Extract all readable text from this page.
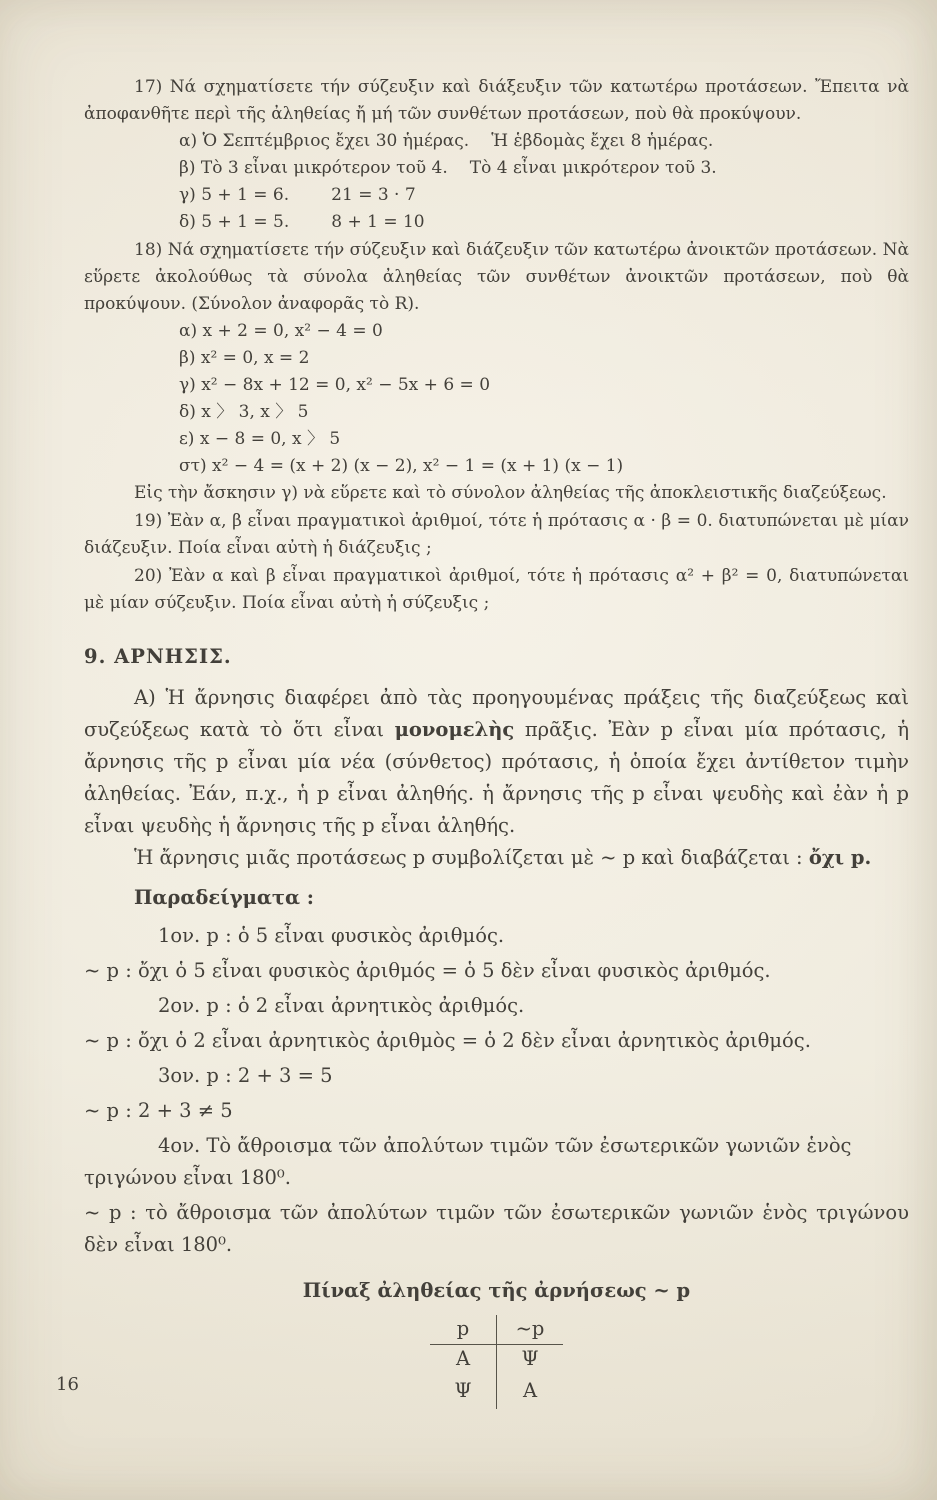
17) Νά σχηματίσετε τήν σύζευξιν καὶ διάξευξιν τῶν κατωτέρω προτάσεων. Ἔπειτα νὰ ἀποφανθῆτε περὶ τῆς ἀληθείας ἤ μή τῶν συνθέτων προτάσεων, ποὺ θὰ προκύψουν.

α) Ὁ Σεπτέμβριος ἔχει 30 ἡμέρας. Ἡ ἑβδομὰς ἔχει 8 ἡμέρας.

β) Τὸ 3 εἶναι μικρότερον τοῦ 4. Τὸ 4 εἶναι μικρότερον τοῦ 3.

γ) 5 + 1 = 6. 21 = 3 · 7

δ) 5 + 1 = 5. 8 + 1 = 10

18) Νά σχηματίσετε τήν σύζευξιν καὶ διάζευξιν τῶν κατωτέρω ἀνοικτῶν προτάσεων. Νὰ εὕρετε ἀκολούθως τὰ σύνολα ἀληθείας τῶν συνθέτων ἀνοικτῶν προτάσεων, ποὺ θὰ προκύψουν. (Σύνολον ἀναφορᾶς τὸ R).

α) x + 2 = 0, x² − 4 = 0

β) x² = 0, x = 2

γ) x² − 8x + 12 = 0, x² − 5x + 6 = 0

δ) x 〉 3, x 〉 5

ε) x − 8 = 0, x 〉 5

στ) x² − 4 = (x + 2) (x − 2), x² − 1 = (x + 1) (x − 1)

Εἰς τὴν ἄσκησιν γ) νὰ εὕρετε καὶ τὸ σύνολον ἀληθείας τῆς ἀποκλειστικῆς διαζεύξεως.

19) Ἐὰν α, β εἶναι πραγματικοὶ ἀριθμοί, τότε ἡ πρότασις α · β = 0. διατυπώνεται μὲ μίαν διάζευξιν. Ποία εἶναι αὐτὴ ἡ διάζευξις ;

20) Ἐὰν α καὶ β εἶναι πραγματικοὶ ἀριθμοί, τότε ἡ πρότασις α² + β² = 0, διατυπώνεται μὲ μίαν σύζευξιν. Ποία εἶναι αὐτὴ ἡ σύζευξις ;

9. ΑΡΝΗΣΙΣ.

Α) Ἡ ἄρνησις διαφέρει ἀπὸ τὰς προηγουμένας πράξεις τῆς διαζεύξεως καὶ συζεύξεως κατὰ τὸ ὅτι εἶναι μονομελὴς πρᾶξις. Ἐὰν p εἶναι μία πρότασις, ἡ ἄρνησις τῆς p εἶναι μία νέα (σύνθετος) πρότασις, ἡ ὁποία ἔχει ἀντίθετον τιμὴν ἀληθείας. Ἐάν, π.χ., ἡ p εἶναι ἀληθής. ἡ ἄρνησις τῆς p εἶναι ψευδὴς καὶ ἐὰν ἡ p εἶναι ψευδὴς ἡ ἄρνησις τῆς p εἶναι ἀληθής.

Ἡ ἄρνησις μιᾶς προτάσεως p συμβολίζεται μὲ ~ p καὶ διαβάζεται : ὄχι p.

Παραδείγματα :

1ον. p : ὁ 5 εἶναι φυσικὸς ἀριθμός.

~ p : ὄχι ὁ 5 εἶναι φυσικὸς ἀριθμός = ὁ 5 δὲν εἶναι φυσικὸς ἀριθμός.

2ον. p : ὁ 2 εἶναι ἀρνητικὸς ἀριθμός.

~ p : ὄχι ὁ 2 εἶναι ἀρνητικὸς ἀριθμὸς = ὁ 2 δὲν εἶναι ἀρνητικὸς ἀριθμός.

3ον. p : 2 + 3 = 5

~ p : 2 + 3 ≠ 5

4ον. Τὸ ἄθροισμα τῶν ἀπολύτων τιμῶν τῶν ἐσωτερικῶν γωνιῶν ἑνὸς τριγώνου εἶναι 180⁰.

~ p : τὸ ἄθροισμα τῶν ἀπολύτων τιμῶν τῶν ἐσωτερικῶν γωνιῶν ἑνὸς τριγώνου δὲν εἶναι 180⁰.

Πίναξ ἀληθείας τῆς ἀρνήσεως ~ p

p	~p
Α	Ψ
Ψ	Α
16
